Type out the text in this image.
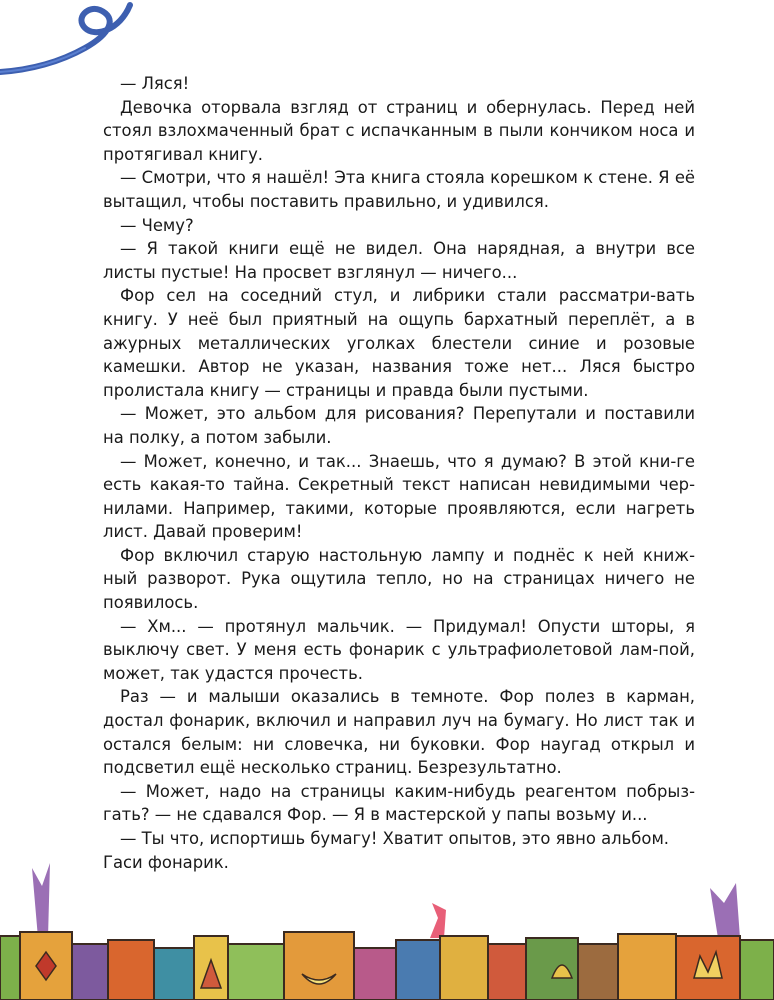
— Ляся!

Девочка оторвала взгляд от страниц и обернулась. Перед ней стоял взлохмаченный брат с испачканным в пыли кончиком носа и протягивал книгу.

— Смотри, что я нашёл! Эта книга стояла корешком к стене. Я её вытащил, чтобы поставить правильно, и удивился.

— Чему?

— Я такой книги ещё не видел. Она нарядная, а внутри все листы пустые! На просвет взглянул — ничего...

Фор сел на соседний стул, и либрики стали рассматри-вать книгу. У неё был приятный на ощупь бархатный переплёт, а в ажурных металлических уголках блестели синие и розовые камешки. Автор не указан, названия тоже нет... Ляся быстро пролистала книгу — страницы и правда были пустыми.

— Может, это альбом для рисования? Перепутали и поставили на полку, а потом забыли.

— Может, конечно, и так... Знаешь, что я думаю? В этой кни-ге есть какая-то тайна. Секретный текст написан невидимыми чер-нилами. Например, такими, которые проявляются, если нагреть лист. Давай проверим!

Фор включил старую настольную лампу и поднёс к ней книж-ный разворот. Рука ощутила тепло, но на страницах ничего не появилось.

— Хм... — протянул мальчик. — Придумал! Опусти шторы, я выключу свет. У меня есть фонарик с ультрафиолетовой лам-пой, может, так удастся прочесть.

Раз — и малыши оказались в темноте. Фор полез в карман, достал фонарик, включил и направил луч на бумагу. Но лист так и остался белым: ни словечка, ни буковки. Фор наугад открыл и подсветил ещё несколько страниц. Безрезультатно.

— Может, надо на страницы каким-нибудь реагентом побрыз-гать? — не сдавался Фор. — Я в мастерской у папы возьму и...

— Ты что, испортишь бумагу! Хватит опытов, это явно альбом. Гаси фонарик.
